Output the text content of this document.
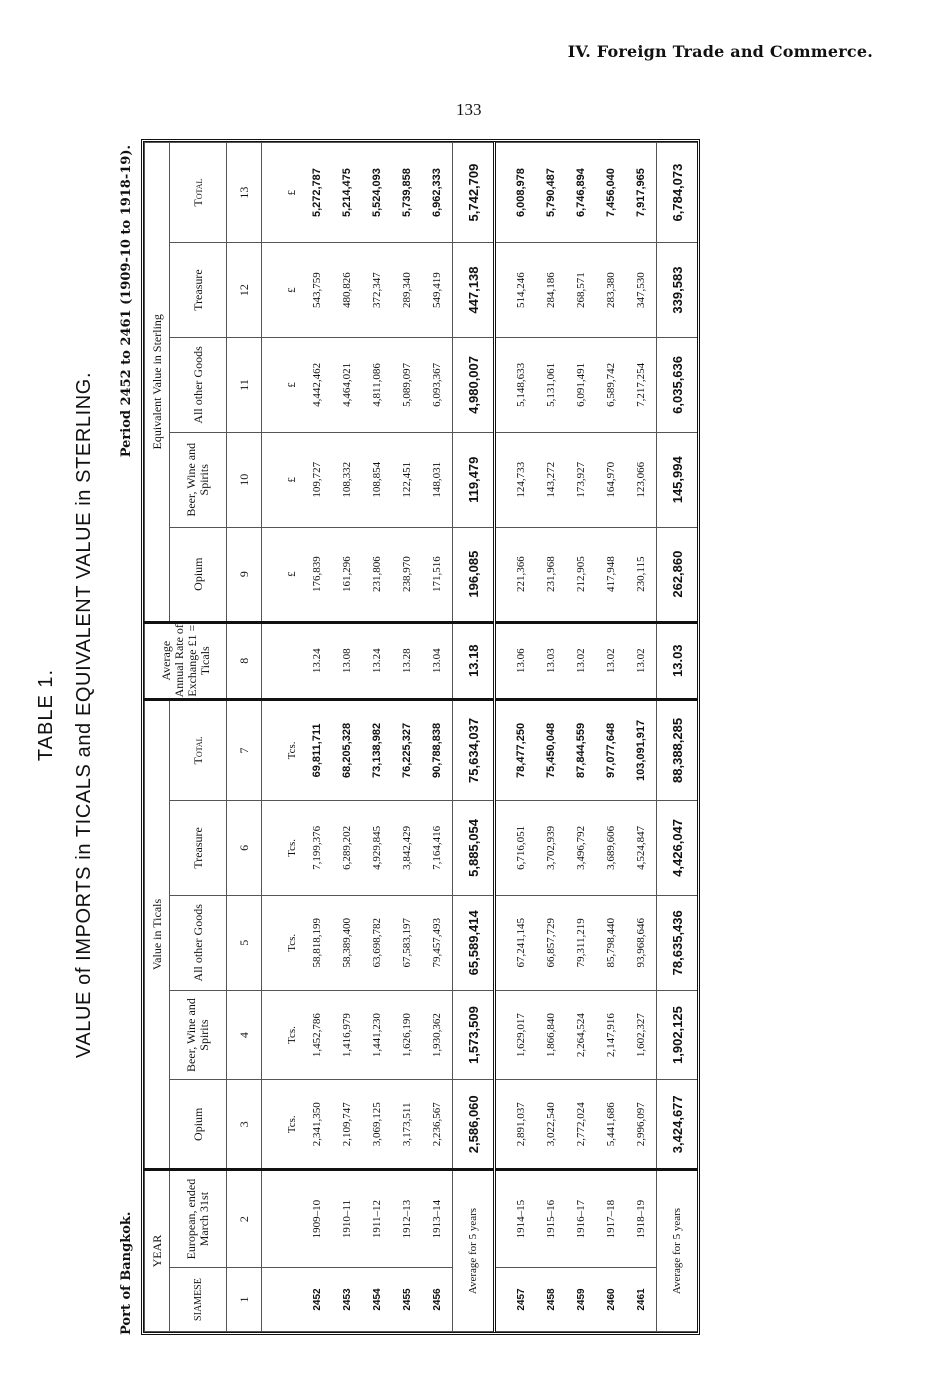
IV. Foreign Trade and Commerce.
133
TABLE 1. VALUE of IMPORTS in TICALS and EQUIVALENT VALUE in STERLING.
Port of Bangkok.
Period 2452 to 2461 (1909-10 to 1918-19).
YEAR		Value in Ticals					Average Annual Rate of Exchange £1 = Ticals	Equivalent Value in Sterling				
SIAMESE	European, ended March 31st	Opium	Beer, Wine and Spirits	All other Goods	Treasure	Total		Opium	Beer, Wine and Spirits	All other Goods	Treasure	Total
1	2	3	4	5	6	7	8	9	10	11	12	13
		Tcs.	Tcs.	Tcs.	Tcs.	Tcs.		£	£	£	£	£
2452	1909–10	2,341,350	1,452,786	58,818,199	7,199,376	69,811,711	13.24	176,839	109,727	4,442,462	543,759	5,272,787
2453	1910–11	2,109,747	1,416,979	58,389,400	6,289,202	68,205,328	13.08	161,296	108,332	4,464,021	480,826	5,214,475
2454	1911–12	3,069,125	1,441,230	63,698,782	4,929,845	73,138,982	13.24	231,806	108,854	4,811,086	372,347	5,524,093
2455	1912–13	3,173,511	1,626,190	67,583,197	3,842,429	76,225,327	13.28	238,970	122,451	5,089,097	289,340	5,739,858
2456	1913–14	2,236,567	1,930,362	79,457,493	7,164,416	90,788,838	13.04	171,516	148,031	6,093,367	549,419	6,962,333
Average for 5 years		2,586,060	1,573,509	65,589,414	5,885,054	75,634,037	13.18	196,085	119,479	4,980,007	447,138	5,742,709

2457	1914–15	2,891,037	1,629,017	67,241,145	6,716,051	78,477,250	13.06	221,366	124,733	5,148,633	514,246	6,008,978
2458	1915–16	3,022,540	1,866,840	66,857,729	3,702,939	75,450,048	13.03	231,968	143,272	5,131,061	284,186	5,790,487
2459	1916–17	2,772,024	2,264,524	79,311,219	3,496,792	87,844,559	13.02	212,905	173,927	6,091,491	268,571	6,746,894
2460	1917–18	5,441,686	2,147,916	85,798,440	3,689,606	97,077,648	13.02	417,948	164,970	6,589,742	283,380	7,456,040
2461	1918–19	2,996,097	1,602,327	93,968,646	4,524,847	103,091,917	13.02	230,115	123,066	7,217,254	347,530	7,917,965
Average for 5 years		3,424,677	1,902,125	78,635,436	4,426,047	88,388,285	13.03	262,860	145,994	6,035,636	339,583	6,784,073
